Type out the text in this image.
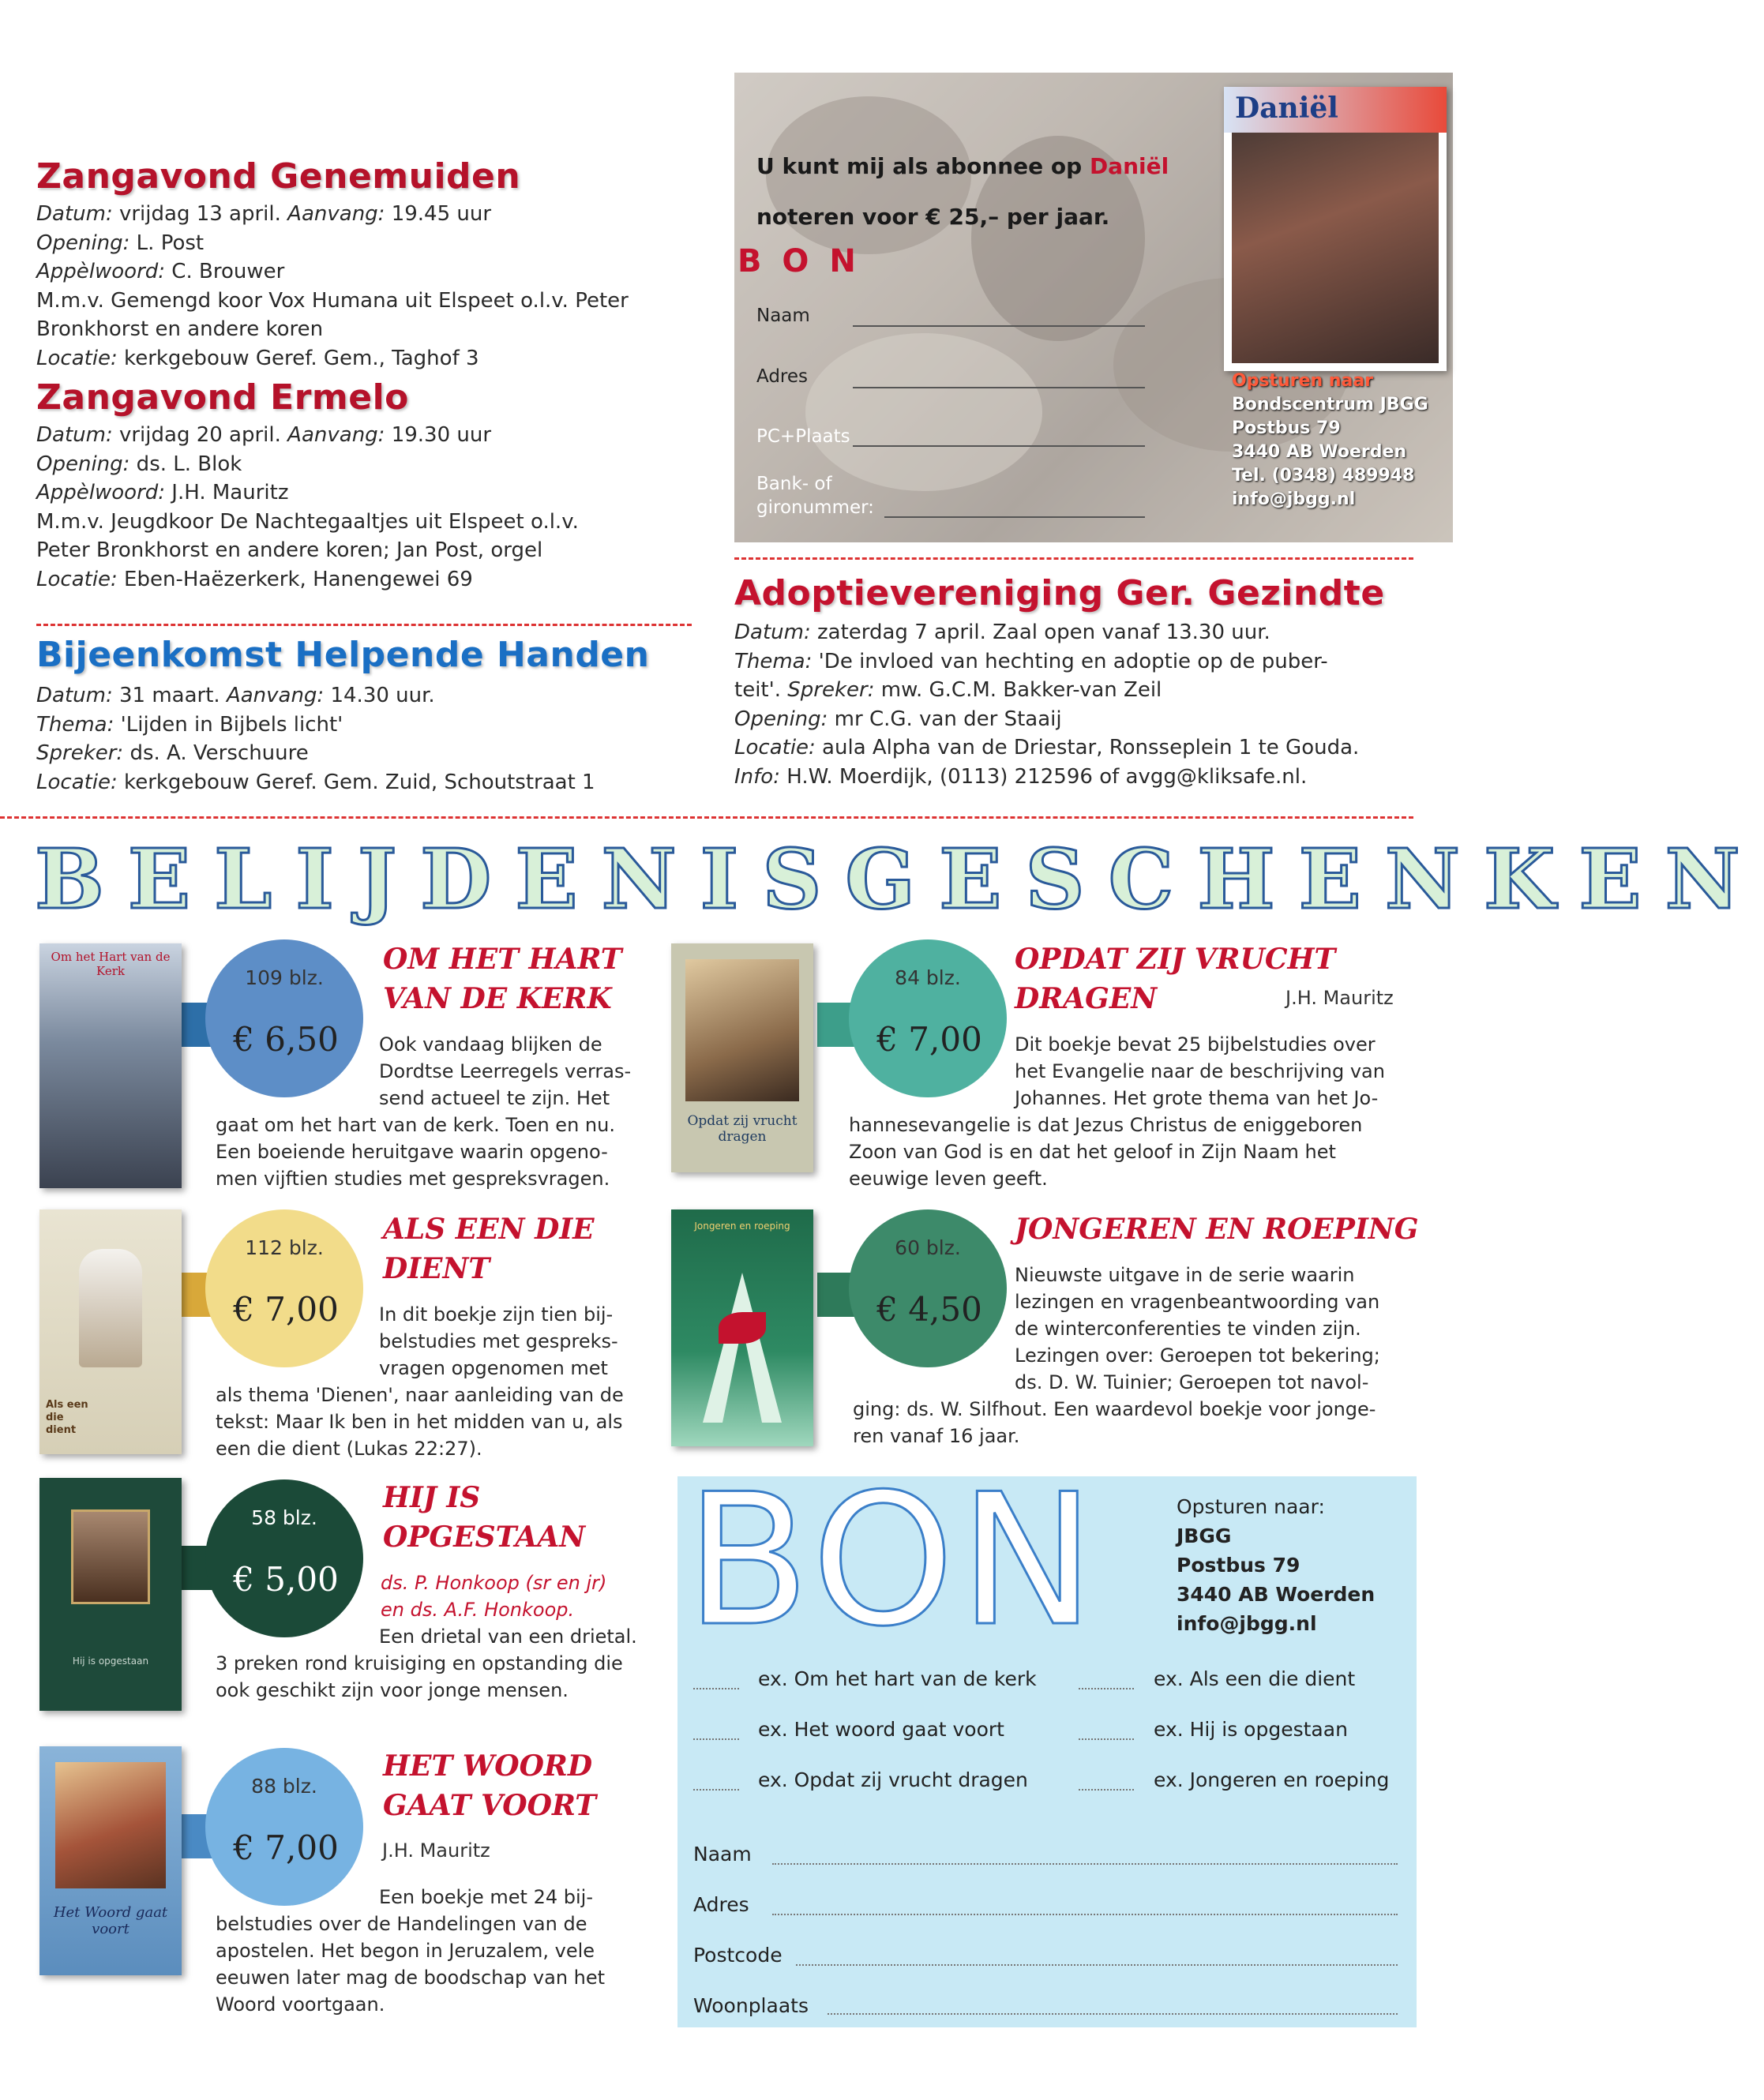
Zangavond Genemuiden
Datum: vrijdag 13 april. Aanvang: 19.45 uur
Opening: L. Post
Appèlwoord: C. Brouwer
M.m.v. Gemengd koor Vox Humana uit Elspeet o.l.v. Peter
Bronkhorst en andere koren
Locatie: kerkgebouw Geref. Gem., Taghof 3
Zangavond Ermelo
Datum: vrijdag 20 april. Aanvang: 19.30 uur
Opening: ds. L. Blok
Appèlwoord: J.H. Mauritz
M.m.v. Jeugdkoor De Nachtegaaltjes uit Elspeet o.l.v.
Peter Bronkhorst en andere koren; Jan Post, orgel
Locatie: Eben-Haëzerkerk, Hanengewei 69
Bijeenkomst Helpende Handen
Datum: 31 maart. Aanvang: 14.30 uur.
Thema: 'Lijden in Bijbels licht'
Spreker: ds. A. Verschuure
Locatie: kerkgebouw Geref. Gem. Zuid, Schoutstraat 1
U kunt mij als abonnee op Daniël
noteren voor € 25,– per jaar.
B O N
Naam
Adres
PC+Plaats
Bank- of
gironummer:
Daniël
Opsturen naar
Bondscentrum JBGG
Postbus 79
3440 AB Woerden
Tel. (0348) 489948
info@jbgg.nl
Adoptievereniging Ger. Gezindte
Datum: zaterdag 7 april. Zaal open vanaf 13.30 uur.
Thema: 'De invloed van hechting en adoptie op de puber-
teit'. Spreker: mw. G.C.M. Bakker-van Zeil
Opening: mr C.G. van der Staaij
Locatie: aula Alpha van de Driestar, Ronsseplein 1 te Gouda.
Info: H.W. Moerdijk, (0113) 212596 of avgg@kliksafe.nl.
BELIJDENISGESCHENKEN
Om het Hart van de Kerk	109 blz.
€ 6,50
OM HET HART
VAN DE KERK
Ook vandaag blijken de
Dordtse Leerregels verras-
send actueel te zijn. Het
gaat om het hart van de kerk. Toen en nu.
Een boeiende heruitgave waarin opgeno-
men vijftien studies met gespreksvragen.
Opdat zij vrucht dragen
84 blz.
€ 7,00
OPDAT ZIJ VRUCHT
DRAGEN	J.H. Mauritz
Dit boekje bevat 25 bijbelstudies over
het Evangelie naar de beschrijving van
Johannes. Het grote thema van het Jo-
hannesevangelie is dat Jezus Christus de eniggeboren
Zoon van God is en dat het geloof in Zijn Naam het
eeuwige leven geeft.
Als een die dient
112 blz.
€ 7,00
ALS EEN DIE
DIENT
In dit boekje zijn tien bij-
belstudies met gespreks-
vragen opgenomen met
als thema 'Dienen', naar aanleiding van de
tekst: Maar Ik ben in het midden van u, als
een die dient (Lukas 22:27).
Jongeren en roeping
60 blz.
€ 4,50
JONGEREN EN ROEPING
Nieuwste uitgave in de serie waarin
lezingen en vragenbeantwoording van
de winterconferenties te vinden zijn.
Lezingen over: Geroepen tot bekering;
ds. D. W. Tuinier; Geroepen tot navol-
ging: ds. W. Silfhout. Een waardevol boekje voor jonge-
ren vanaf 16 jaar.
Hij is opgestaan
58 blz.
€ 5,00
HIJ IS
OPGESTAAN
ds. P. Honkoop (sr en jr)
en ds. A.F. Honkoop.
Een drietal van een drietal.
3 preken rond kruisiging en opstanding die
ook geschikt zijn voor jonge mensen.
Het Woord gaat voort
88 blz.
€ 7,00
HET WOORD
GAAT VOORT
J.H. Mauritz
Een boekje met 24 bij-
belstudies over de Handelingen van de
apostelen. Het begon in Jeruzalem, vele
eeuwen later mag de boodschap van het
Woord voortgaan.
BON	Opsturen naar:
JBGG
Postbus 79
3440 AB Woerden
info@jbgg.nl
ex. Om het hart van de kerk	ex. Als een die dient
ex. Het woord gaat voort	ex. Hij is opgestaan
ex. Opdat zij vrucht dragen	ex. Jongeren en roeping
Naam
Adres
Postcode
Woonplaats
